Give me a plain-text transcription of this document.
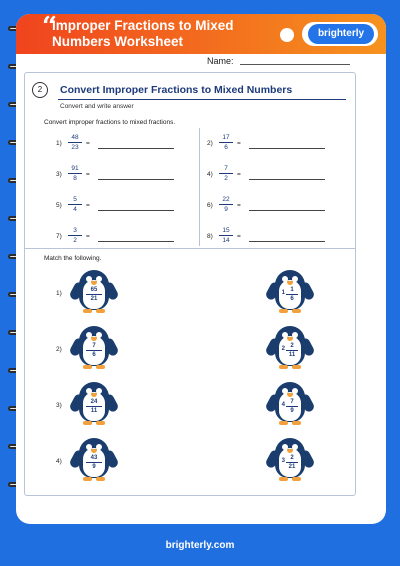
“
Improper Fractions to Mixed
Numbers Worksheet
brighterly
Name:
2	Convert Improper Fractions to Mixed Numbers
Convert and write answer
Convert improper fractions to mixed fractions.
$1) \frac{48}{23}$ =	$2) \frac{17}{6}$ =
$3) \frac{91}{8}$ =	$4) \frac{7}{2}$ =
$5) \frac{5}{4}$ =	$6) \frac{22}{9}$ =
$7) \frac{3}{2}$ =	$8) \frac{15}{14}$ =
Match the following.
1)	65
21
2)	7
6
3)	24
11
4)	43
9
1 1
6
2 2
11
4 7
9
3 2
21
brighterly.com
